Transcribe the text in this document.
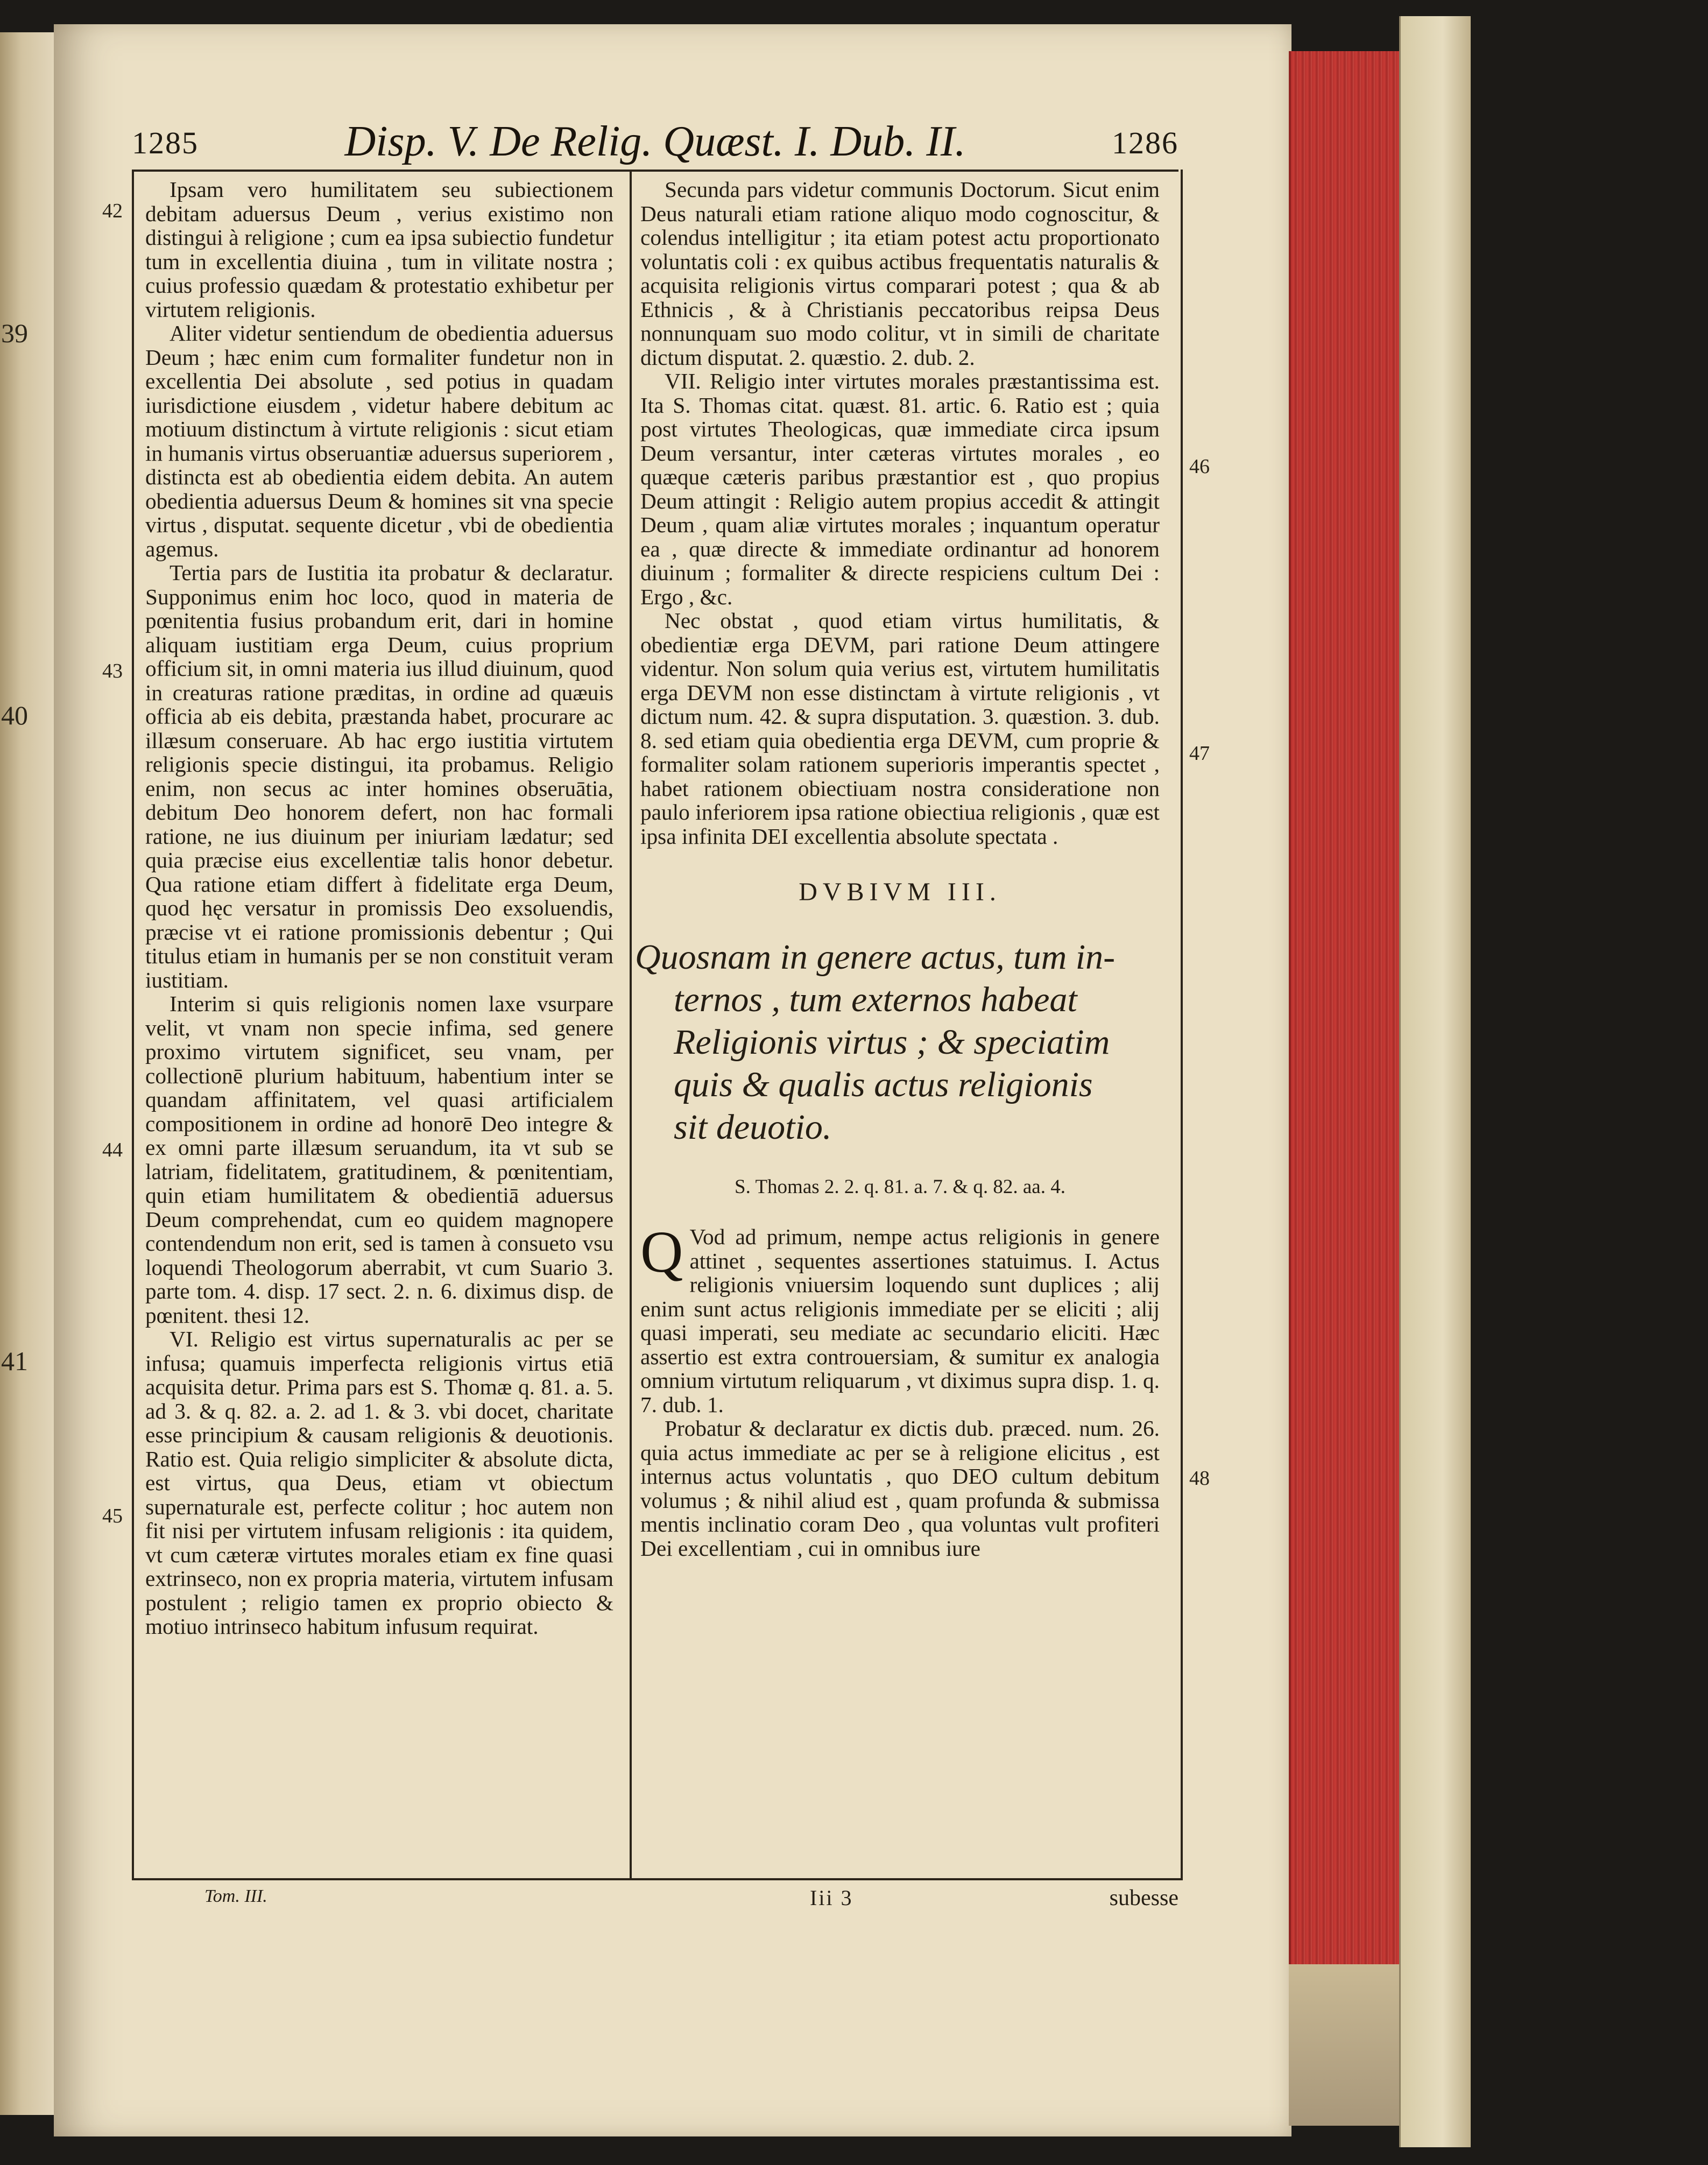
39
40
41
1285	Disp. V. De Relig. Quæst. I. Dub. II.	1286
42
43
44
45
46
47
48

Ipsam vero humilitatem seu subiectionem debitam aduersus Deum , verius existimo non distingui à religione ; cum ea ipsa subiectio fundetur tum in excellentia diuina , tum in vilitate nostra ; cuius professio quædam & protestatio exhibetur per virtutem religionis.

Aliter videtur sentiendum de obedientia aduersus Deum ; hæc enim cum formaliter fundetur non in excellentia Dei absolute , sed potius in quadam iurisdictione eiusdem , videtur habere debitum ac motiuum distinctum à virtute religionis : sicut etiam in humanis virtus obseruantiæ aduersus superiorem , distincta est ab obedientia eidem debita. An autem obedientia aduersus Deum & homines sit vna specie virtus , disputat. sequente dicetur , vbi de obedientia agemus.

Tertia pars de Iustitia ita probatur & declaratur. Supponimus enim hoc loco, quod in materia de pœnitentia fusius probandum erit, dari in homine aliquam iustitiam erga Deum, cuius proprium officium sit, in omni materia ius illud diuinum, quod in creaturas ratione præditas, in ordine ad quæuis officia ab eis debita, præstanda habet, procurare ac illæsum conseruare. Ab hac ergo iustitia virtutem religionis specie distingui, ita probamus. Religio enim, non secus ac inter homines obseruātia, debitum Deo honorem defert, non hac formali ratione, ne ius diuinum per iniuriam lædatur; sed quia præcise eius excellentiæ talis honor debetur. Qua ratione etiam differt à fidelitate erga Deum, quod hęc versatur in promissis Deo exsoluendis, præcise vt ei ratione promissionis debentur ; Qui titulus etiam in humanis per se non constituit veram iustitiam.

Interim si quis religionis nomen laxe vsurpare velit, vt vnam non specie infima, sed genere proximo virtutem significet, seu vnam, per collectionē plurium habituum, habentium inter se quandam affinitatem, vel quasi artificialem compositionem in ordine ad honorē Deo integre & ex omni parte illæsum seruandum, ita vt sub se latriam, fidelitatem, gratitudinem, & pœnitentiam, quin etiam humilitatem & obedientiā aduersus Deum comprehendat, cum eo quidem magnopere contendendum non erit, sed is tamen à consueto vsu loquendi Theologorum aberrabit, vt cum Suario 3. parte tom. 4. disp. 17 sect. 2. n. 6. diximus disp. de pœnitent. thesi 12.

VI. Religio est virtus supernaturalis ac per se infusa; quamuis imperfecta religionis virtus etiā acquisita detur. Prima pars est S. Thomæ q. 81. a. 5. ad 3. & q. 82. a. 2. ad 1. & 3. vbi docet, charitate esse principium & causam religionis & deuotionis. Ratio est. Quia religio simpliciter & absolute dicta, est virtus, qua Deus, etiam vt obiectum supernaturale est, perfecte colitur ; hoc autem non fit nisi per virtutem infusam religionis : ita quidem, vt cum cæteræ virtutes morales etiam ex fine quasi extrinseco, non ex propria materia, virtutem infusam postulent ; religio tamen ex proprio obiecto & motiuo intrinseco habitum infusum requirat.

Secunda pars videtur communis Doctorum. Sicut enim Deus naturali etiam ratione aliquo modo cognoscitur, & colendus intelligitur ; ita etiam potest actu proportionato voluntatis coli : ex quibus actibus frequentatis naturalis & acquisita religionis virtus comparari potest ; qua & ab Ethnicis , & à Christianis peccatoribus reipsa Deus nonnunquam suo modo colitur, vt in simili de charitate dictum disputat. 2. quæstio. 2. dub. 2.

VII. Religio inter virtutes morales præstantissima est. Ita S. Thomas citat. quæst. 81. artic. 6. Ratio est ; quia post virtutes Theologicas, quæ immediate circa ipsum Deum versantur, inter cæteras virtutes morales , eo quæque cæteris paribus præstantior est , quo propius Deum attingit : Religio autem propius accedit & attingit Deum , quam aliæ virtutes morales ; inquantum operatur ea , quæ directe & immediate ordinantur ad honorem diuinum ; formaliter & directe respiciens cultum Dei : Ergo , &c.

Nec obstat , quod etiam virtus humilitatis, & obedientiæ erga DEVM, pari ratione Deum attingere videntur. Non solum quia verius est, virtutem humilitatis erga DEVM non esse distinctam à virtute religionis , vt dictum num. 42. & supra disputation. 3. quæstion. 3. dub. 8. sed etiam quia obedientia erga DEVM, cum proprie & formaliter solam rationem superioris imperantis spectet , habet rationem obiectiuam nostra consideratione non paulo inferiorem ipsa ratione obiectiua religionis , quæ est ipsa infinita DEI excellentia absolute spectata .

DVBIVM III.
Quosnam in genere actus, tum in-
ternos , tum externos habeat
Religionis virtus ; & speciatim
quis & qualis actus religionis
sit deuotio.

S. Thomas 2. 2. q. 81. a. 7. & q. 82. aa. 4.

Q Vod ad primum, nempe actus religionis in genere attinet , sequentes assertiones statuimus. I. Actus religionis vniuersim loquendo sunt duplices ; alij enim sunt actus religionis immediate per se eliciti ; alij quasi imperati, seu mediate ac secundario eliciti. Hæc assertio est extra controuersiam, & sumitur ex analogia omnium virtutum reliquarum , vt diximus supra disp. 1. q. 7. dub. 1.

Probatur & declaratur ex dictis dub. præced. num. 26. quia actus immediate ac per se à religione elicitus , est internus actus voluntatis , quo DEO cultum debitum volumus ; & nihil aliud est , quam profunda & submissa mentis inclinatio coram Deo , qua voluntas vult profiteri Dei excellentiam , cui in omnibus iure

Tom. III.	Iii 3	subesse
